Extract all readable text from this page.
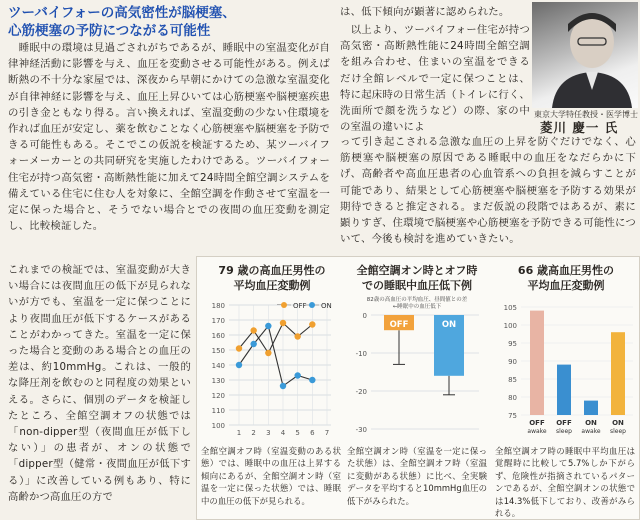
ツーバイフォーの高気密性が脳梗塞、
心筋梗塞の予防につながる可能性
　睡眠中の環境は見過ごされがちであるが、睡眠中の室温変化が自律神経活動に影響を与え、血圧を変動させる可能性がある。例えば断熱の不十分な家屋では、深夜から早朝にかけての急激な室温変化が自律神経に影響を与え、血圧上昇ひいては心筋梗塞や脳梗塞疾患の引き金ともなり得る。言い換えれば、室温変動の少ない住環境を作れば血圧が安定し、薬を飲むことなく心筋梗塞や脳梗塞を予防できる可能性もある。そこでこの仮説を検証するため、某ツーバイフォーメーカーとの共同研究を実施したわけである。ツーバイフォー住宅が持つ高気密・高断熱性能に加えて24時間全館空調システムを備えている住宅に住む人を対象に、全館空調を作動させて室温を一定に保った場合と、そうでない場合とでの夜間の血圧変動を測定し、比較検証した。
これまでの検証では、室温変動が大きい場合には夜間血圧の低下が見られないが方でも、室温を一定に保つことにより夜間血圧が低下するケースがあることがわかってきた。室温を一定に保った場合と変動のある場合との血圧の差は、約10mmHg。これは、一般的な降圧剤を飲むのと同程度の効果といえる。さらに、個別のデータを検証したところ、全館空調オフの状態では「non-dipper型（夜間血圧が低下しない）」の患者が、オンの状態で「dipper型（健常・夜間血圧が低下する）」に改善している例もあり、特に高齢かつ高血圧の方で
は、低下傾向が顕著に認められた。
　以上より、ツーバイフォー住宅が持つ高気密・高断熱性能に24時間全館空調を組み合わせ、住まいの室温をできるだけ全館レベルで一定に保つことは、特に起床時の日常生活（トイレに行く、洗面所で顔を洗うなど）の際、家の中の室温の違いによ
って引き起こされる急激な血圧の上昇を防ぐだけでなく、心筋梗塞や脳梗塞の原因である睡眠中の血圧をなだらかに下げ、高齢者や高血圧患者の心血管系への負担を減らすことが可能であり、結果として心筋梗塞や脳梗塞を予防する効果が期待できると推定される。まだ仮説の段階ではあるが、素に顕りすぎ、住環境で脳梗塞や心筋梗塞を予防できる可能性について、今後も検討を進めていきたい。
東京大学特任教授・医学博士
菱川 慶一 氏
79 歳の高血圧男性の
平均血圧変動例
100
110
120
130
140
150
160
170
180
1 2 3 4 5 6 7
OFF ON
全館空調オフ時（室温変動のある状態）では、睡眠中の血圧は上昇する傾向にあるが、全館空調オン時（室温を一定に保った状態）では、睡眠中の血圧の低下が見られる。
全館空調オン時とオフ時
での睡眠中血圧低下例
82歳の高血圧の平均血圧、昼間値との差
←睡眠中の血圧低下
0
-10
-20
-30
OFF	ON
全館空調オン時（室温を一定に保った状態）は、全館空調オフ時（室温に変動がある状態）に比べ、全実験データを平均すると10mmHg血圧の低下がみられた。
66 歳高血圧男性の
平均血圧変動例
75
80
85
90
95
100
105
OFF
awake
OFF
sleep
ON
awake
ON
sleep
全館空調オフ時の睡眠中平均血圧は覚醒時に比較して5.7%しか下がらず、危険性が指摘されているパターンであるが、全館空調オンの状態では14.3%低下しており、改善がみられる。
